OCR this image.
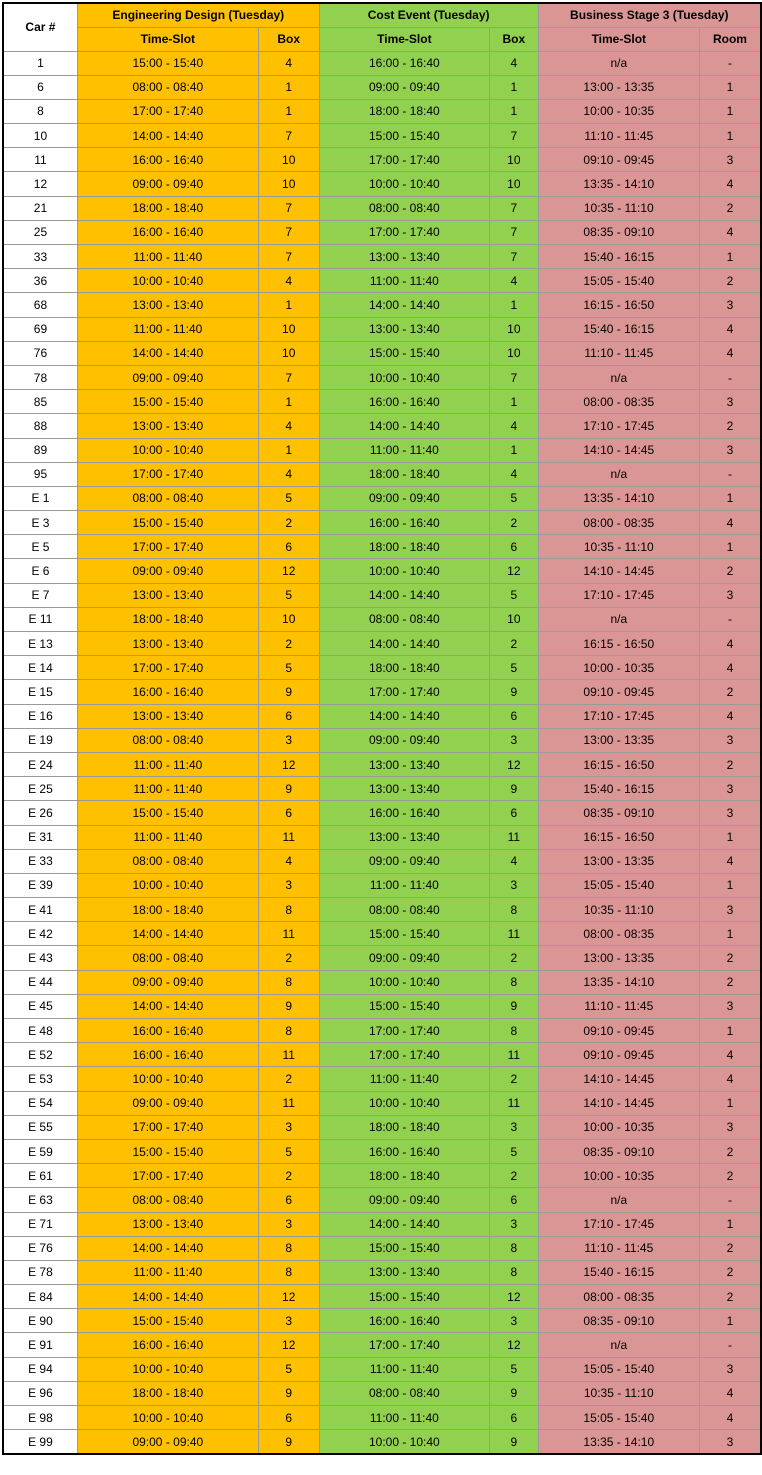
Car #	Engineering Design (Tuesday)		Cost Event (Tuesday)		Business Stage 3 (Tuesday)	
	Time-Slot	Box	Time-Slot	Box	Time-Slot	Room
1	15:00 - 15:40	4	16:00 - 16:40	4	n/a	-
6	08:00 - 08:40	1	09:00 - 09:40	1	13:00 - 13:35	1
8	17:00 - 17:40	1	18:00 - 18:40	1	10:00 - 10:35	1
10	14:00 - 14:40	7	15:00 - 15:40	7	11:10 - 11:45	1
11	16:00 - 16:40	10	17:00 - 17:40	10	09:10 - 09:45	3
12	09:00 - 09:40	10	10:00 - 10:40	10	13:35 - 14:10	4
21	18:00 - 18:40	7	08:00 - 08:40	7	10:35 - 11:10	2
25	16:00 - 16:40	7	17:00 - 17:40	7	08:35 - 09:10	4
33	11:00 - 11:40	7	13:00 - 13:40	7	15:40 - 16:15	1
36	10:00 - 10:40	4	11:00 - 11:40	4	15:05 - 15:40	2
68	13:00 - 13:40	1	14:00 - 14:40	1	16:15 - 16:50	3
69	11:00 - 11:40	10	13:00 - 13:40	10	15:40 - 16:15	4
76	14:00 - 14:40	10	15:00 - 15:40	10	11:10 - 11:45	4
78	09:00 - 09:40	7	10:00 - 10:40	7	n/a	-
85	15:00 - 15:40	1	16:00 - 16:40	1	08:00 - 08:35	3
88	13:00 - 13:40	4	14:00 - 14:40	4	17:10 - 17:45	2
89	10:00 - 10:40	1	11:00 - 11:40	1	14:10 - 14:45	3
95	17:00 - 17:40	4	18:00 - 18:40	4	n/a	-
E 1	08:00 - 08:40	5	09:00 - 09:40	5	13:35 - 14:10	1
E 3	15:00 - 15:40	2	16:00 - 16:40	2	08:00 - 08:35	4
E 5	17:00 - 17:40	6	18:00 - 18:40	6	10:35 - 11:10	1
E 6	09:00 - 09:40	12	10:00 - 10:40	12	14:10 - 14:45	2
E 7	13:00 - 13:40	5	14:00 - 14:40	5	17:10 - 17:45	3
E 11	18:00 - 18:40	10	08:00 - 08:40	10	n/a	-
E 13	13:00 - 13:40	2	14:00 - 14:40	2	16:15 - 16:50	4
E 14	17:00 - 17:40	5	18:00 - 18:40	5	10:00 - 10:35	4
E 15	16:00 - 16:40	9	17:00 - 17:40	9	09:10 - 09:45	2
E 16	13:00 - 13:40	6	14:00 - 14:40	6	17:10 - 17:45	4
E 19	08:00 - 08:40	3	09:00 - 09:40	3	13:00 - 13:35	3
E 24	11:00 - 11:40	12	13:00 - 13:40	12	16:15 - 16:50	2
E 25	11:00 - 11:40	9	13:00 - 13:40	9	15:40 - 16:15	3
E 26	15:00 - 15:40	6	16:00 - 16:40	6	08:35 - 09:10	3
E 31	11:00 - 11:40	11	13:00 - 13:40	11	16:15 - 16:50	1
E 33	08:00 - 08:40	4	09:00 - 09:40	4	13:00 - 13:35	4
E 39	10:00 - 10:40	3	11:00 - 11:40	3	15:05 - 15:40	1
E 41	18:00 - 18:40	8	08:00 - 08:40	8	10:35 - 11:10	3
E 42	14:00 - 14:40	11	15:00 - 15:40	11	08:00 - 08:35	1
E 43	08:00 - 08:40	2	09:00 - 09:40	2	13:00 - 13:35	2
E 44	09:00 - 09:40	8	10:00 - 10:40	8	13:35 - 14:10	2
E 45	14:00 - 14:40	9	15:00 - 15:40	9	11:10 - 11:45	3
E 48	16:00 - 16:40	8	17:00 - 17:40	8	09:10 - 09:45	1
E 52	16:00 - 16:40	11	17:00 - 17:40	11	09:10 - 09:45	4
E 53	10:00 - 10:40	2	11:00 - 11:40	2	14:10 - 14:45	4
E 54	09:00 - 09:40	11	10:00 - 10:40	11	14:10 - 14:45	1
E 55	17:00 - 17:40	3	18:00 - 18:40	3	10:00 - 10:35	3
E 59	15:00 - 15:40	5	16:00 - 16:40	5	08:35 - 09:10	2
E 61	17:00 - 17:40	2	18:00 - 18:40	2	10:00 - 10:35	2
E 63	08:00 - 08:40	6	09:00 - 09:40	6	n/a	-
E 71	13:00 - 13:40	3	14:00 - 14:40	3	17:10 - 17:45	1
E 76	14:00 - 14:40	8	15:00 - 15:40	8	11:10 - 11:45	2
E 78	11:00 - 11:40	8	13:00 - 13:40	8	15:40 - 16:15	2
E 84	14:00 - 14:40	12	15:00 - 15:40	12	08:00 - 08:35	2
E 90	15:00 - 15:40	3	16:00 - 16:40	3	08:35 - 09:10	1
E 91	16:00 - 16:40	12	17:00 - 17:40	12	n/a	-
E 94	10:00 - 10:40	5	11:00 - 11:40	5	15:05 - 15:40	3
E 96	18:00 - 18:40	9	08:00 - 08:40	9	10:35 - 11:10	4
E 98	10:00 - 10:40	6	11:00 - 11:40	6	15:05 - 15:40	4
E 99	09:00 - 09:40	9	10:00 - 10:40	9	13:35 - 14:10	3
